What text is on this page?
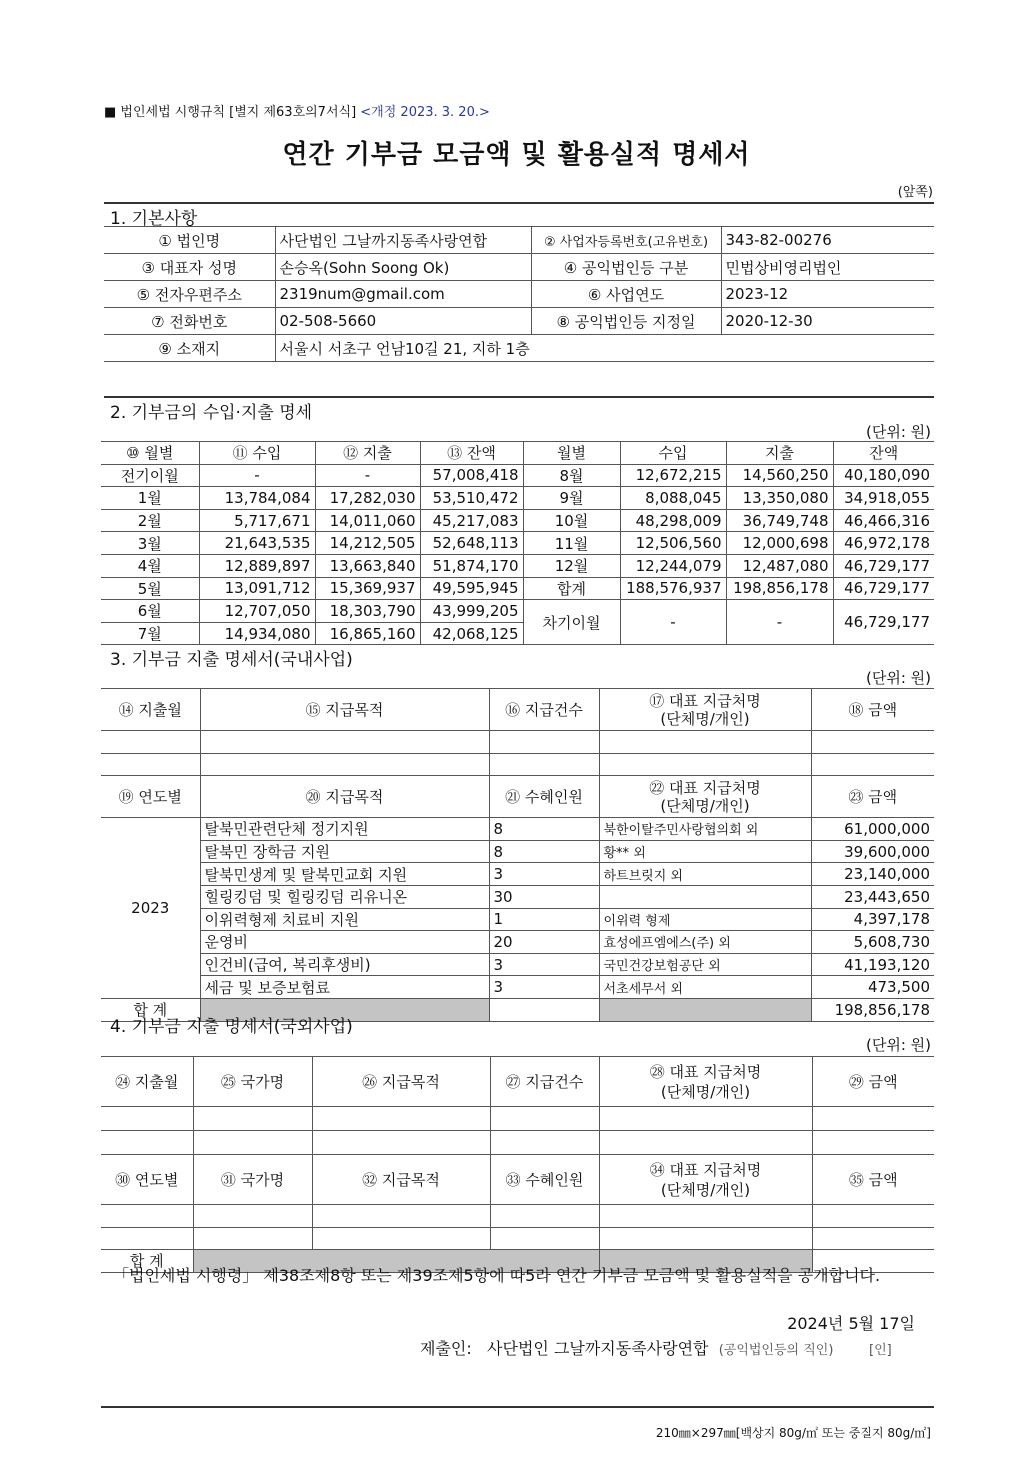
■ 법인세법 시행규칙 [별지 제63호의7서식] <개정 2023. 3. 20.>
연간 기부금 모금액 및 활용실적 명세서
(앞쪽)
1. 기본사항
① 법인명	사단법인 그날까지동족사랑연합	② 사업자등록번호(고유번호)	343-82-00276
③ 대표자 성명	손승옥(Sohn Soong Ok)	④ 공익법인등 구분	민법상비영리법인
⑤ 전자우편주소	2319num@gmail.com	⑥ 사업연도	2023-12
⑦ 전화번호	02-508-5660	⑧ 공익법인등 지정일	2020-12-30
⑨ 소재지	서울시 서초구 언남10길 21, 지하 1층		
2. 기부금의 수입·지출 명세
(단위: 원)
⑩ 월별	⑪ 수입	⑫ 지출	⑬ 잔액	월별	수입	지출	잔액
전기이월	-	-	57,008,418	8월	12,672,215	14,560,250	40,180,090
1월	13,784,084	17,282,030	53,510,472	9월	8,088,045	13,350,080	34,918,055
2월	5,717,671	14,011,060	45,217,083	10월	48,298,009	36,749,748	46,466,316
3월	21,643,535	14,212,505	52,648,113	11월	12,506,560	12,000,698	46,972,178
4월	12,889,897	13,663,840	51,874,170	12월	12,244,079	12,487,080	46,729,177
5월	13,091,712	15,369,937	49,595,945	합계	188,576,937	198,856,178	46,729,177
6월	12,707,050	18,303,790	43,999,205	차기이월	-	-	46,729,177
7월	14,934,080	16,865,160	42,068,125				
3. 기부금 지출 명세서(국내사업)
(단위: 원)
⑭ 지출월	⑮ 지급목적	⑯ 지급건수	⑰ 대표 지급처명
(단체명/개인)	⑱ 금액

⑲ 연도별	⑳ 지급목적	㉑ 수혜인원	㉒ 대표 지급처명
(단체명/개인)	㉓ 금액
2023	탈북민관련단체 정기지원	8	북한이탈주민사랑협의회 외	61,000,000
	탈북민 장학금 지원	8	황** 외	39,600,000
	탈북민생계 및 탈북민교회 지원	3	하트브릿지 외	23,140,000
	힐링킹덤 및 힐링킹덤 리유니온	30		23,443,650
	이위력형제 치료비 지원	1	이위력 형제	4,397,178
	운영비	20	효성에프엠에스(주) 외	5,608,730
	인건비(급여, 복리후생비)	3	국민건강보험공단 외	41,193,120
	세금 및 보증보험료	3	서초세무서 외	473,500
합 계				198,856,178
4. 기부금 지출 명세서(국외사업)
(단위: 원)
㉔ 지출월	㉕ 국가명	㉖ 지급목적	㉗ 지급건수	㉘ 대표 지급처명
(단체명/개인)	㉙ 금액

㉚ 연도별	㉛ 국가명	㉜ 지급목적	㉝ 수혜인원	㉞ 대표 지급처명
(단체명/개인)	㉟ 금액

합 계					
「법인세법 시행령」 제38조제8항 또는 제39조제5항에 따5라 연간 기부금 모금액 및 활용실적을 공개합니다.
2024년 5월 17일
제출인: 사단법인 그날까지동족사랑연합 (공익법인등의 직인)	[인]
210㎜×297㎜[백상지 80g/㎡ 또는 중질지 80g/㎡]
